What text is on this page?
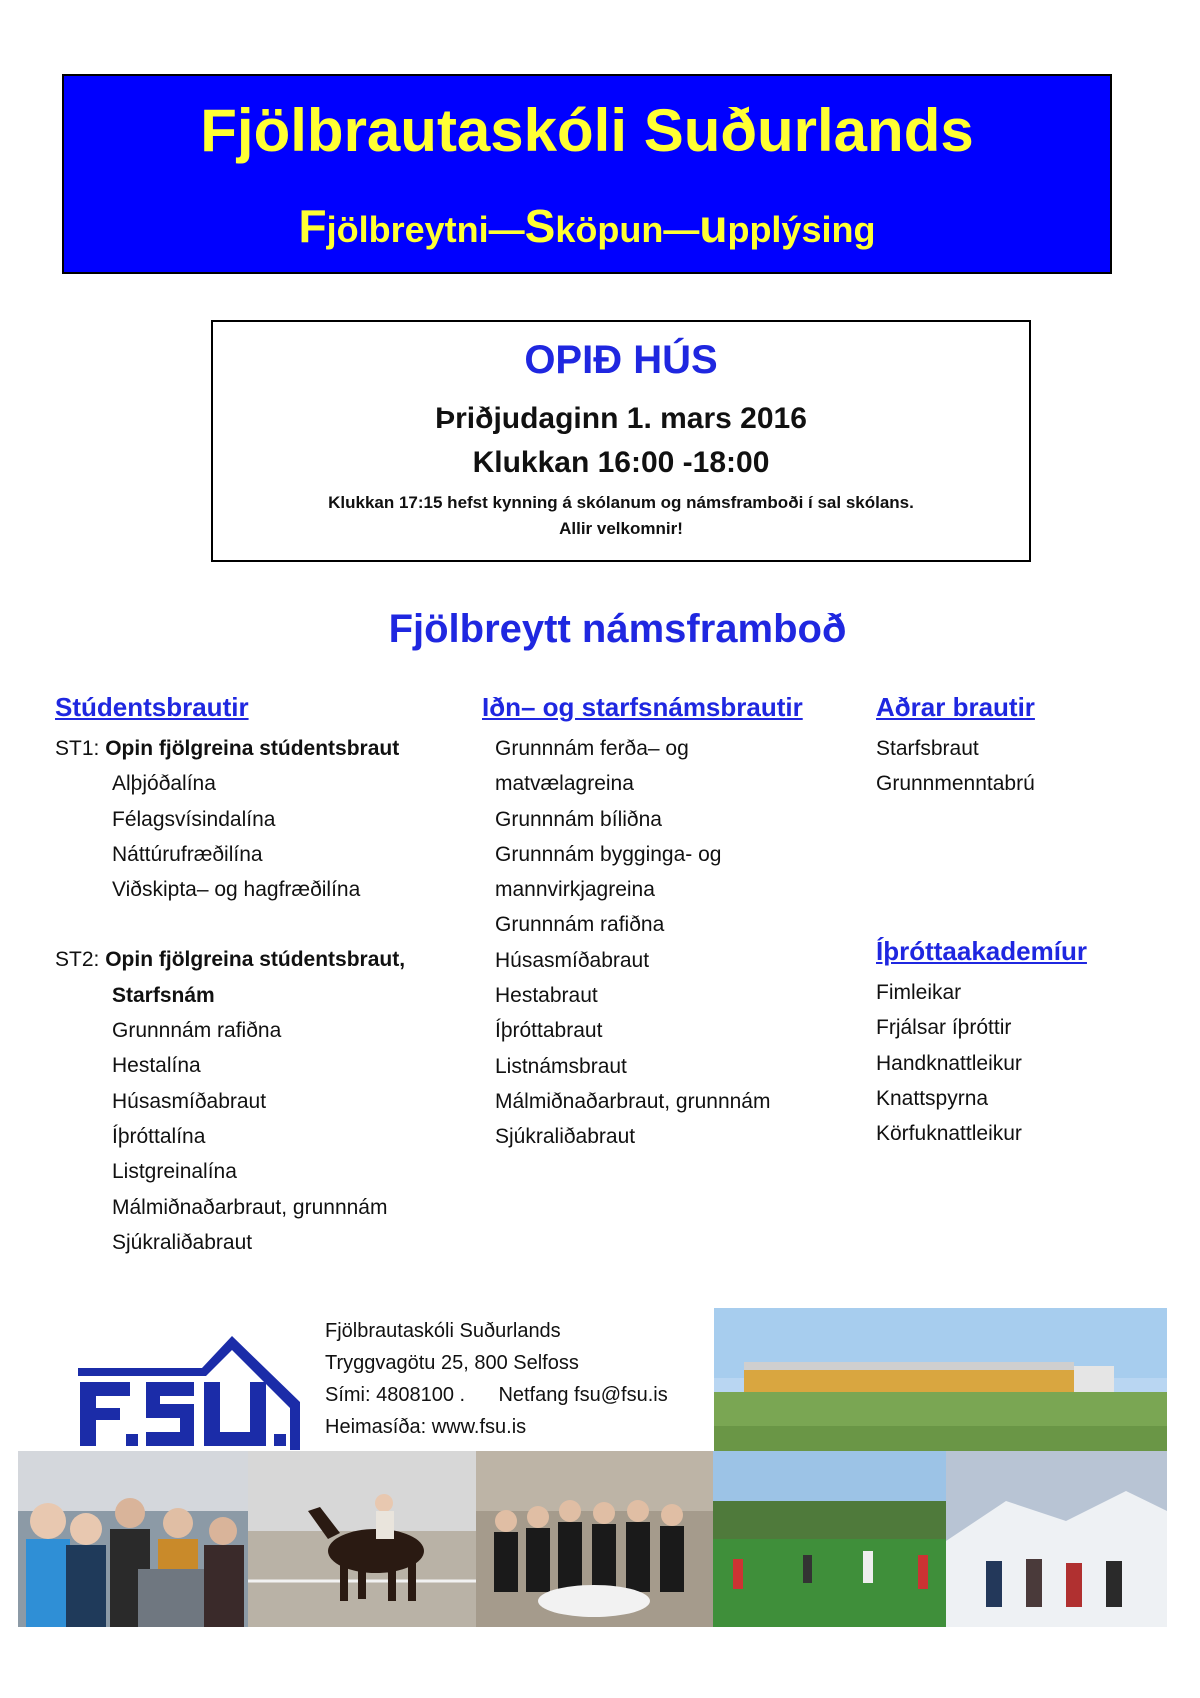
Fjölbrautaskóli Suðurlands
Fjölbreytni—Sköpun—upplýsing
OPIÐ HÚS
Þriðjudaginn 1. mars 2016
Klukkan 16:00 -18:00
Klukkan 17:15 hefst kynning á skólanum og námsframboði í sal skólans.
Allir velkomnir!
Fjölbreytt námsframboð
Stúdentsbrautir
ST1: Opin fjölgreina stúdentsbraut
Alþjóðalína
Félagsvísindalína
Náttúrufræðilína
Viðskipta– og hagfræðilína
ST2: Opin fjölgreina stúdentsbraut,
Starfsnám
Grunnnám rafiðna
Hestalína
Húsasmíðabraut
Íþróttalína
Listgreinalína
Málmiðnaðarbraut, grunnnám
Sjúkraliðabraut
Iðn– og starfsnámsbrautir
Grunnnám ferða– og
matvælagreina
Grunnnám bíliðna
Grunnnám bygginga- og
mannvirkjagreina
Grunnnám rafiðna
Húsasmíðabraut
Hestabraut
Íþróttabraut
Listnámsbraut
Málmiðnaðarbraut, grunnnám
Sjúkraliðabraut
Aðrar brautir
Starfsbraut
Grunnmenntabrú
Íþróttaakademíur
Fimleikar
Frjálsar íþróttir
Handknattleikur
Knattspyrna
Körfuknattleikur
Fjölbrautaskóli Suðurlands
Tryggvagötu 25, 800 Selfoss
Sími: 4808100 . Netfang fsu@fsu.is
Heimasíða: www.fsu.is
